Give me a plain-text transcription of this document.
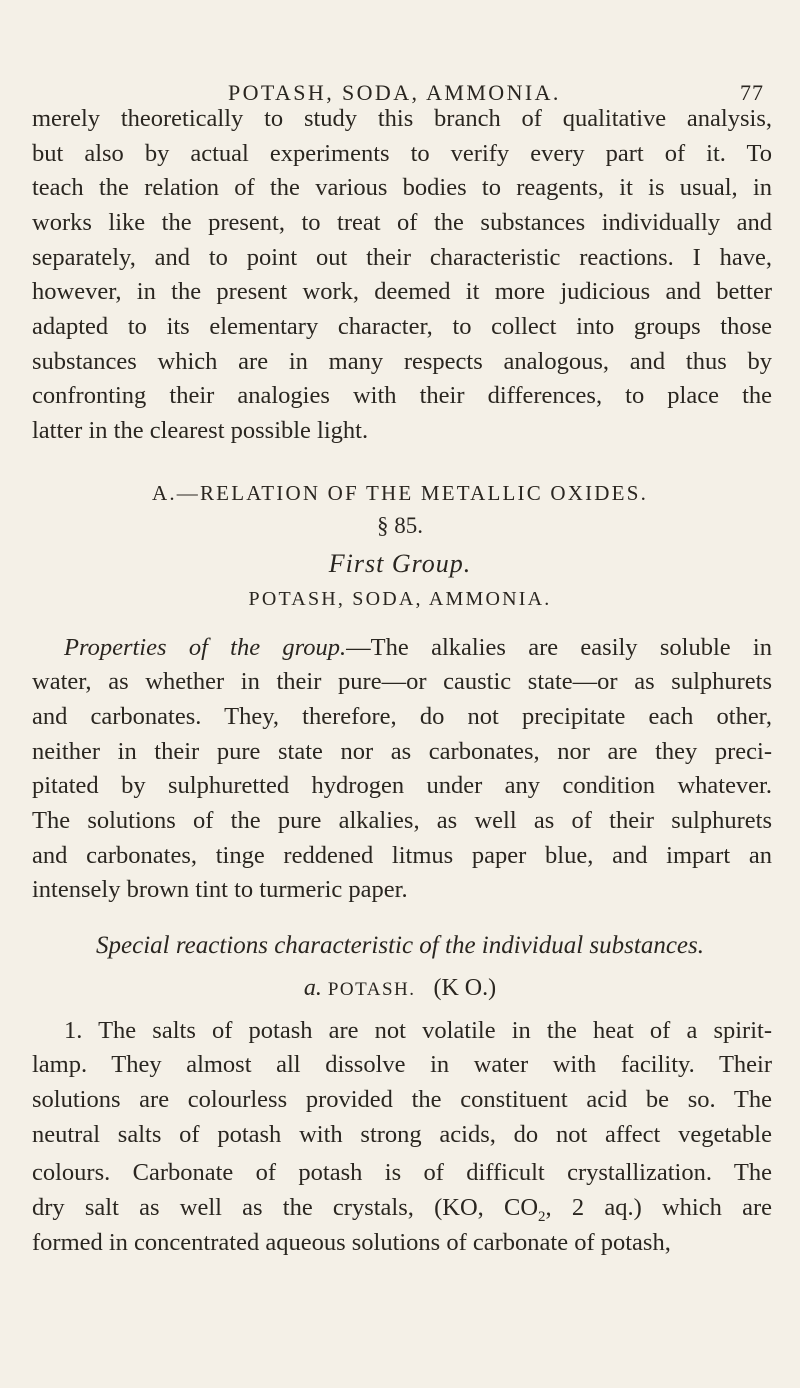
POTASH, SODA, AMMONIA.	77
merely theoretically to study this branch of qualitative analysis,
but also by actual experiments to verify every part of it. To
teach the relation of the various bodies to reagents, it is usual, in
works like the present, to treat of the substances individually and
separately, and to point out their characteristic reactions. I have,
however, in the present work, deemed it more judicious and better
adapted to its elementary character, to collect into groups those
substances which are in many respects analogous, and thus by
confronting their analogies with their differences, to place the
latter in the clearest possible light.
A.—RELATION OF THE METALLIC OXIDES.
§ 85.
First Group.
POTASH, SODA, AMMONIA.
Properties of the group.—The alkalies are easily soluble in
water, as whether in their pure—or caustic state—or as sulphurets
and carbonates. They, therefore, do not precipitate each other,
neither in their pure state nor as carbonates, nor are they preci-
pitated by sulphuretted hydrogen under any condition whatever.
The solutions of the pure alkalies, as well as of their sulphurets
and carbonates, tinge reddened litmus paper blue, and impart an
intensely brown tint to turmeric paper.
Special reactions characteristic of the individual substances.
a. POTASH. (K O.)
1. The salts of potash are not volatile in the heat of a spirit-
lamp. They almost all dissolve in water with facility. Their
solutions are colourless provided the constituent acid be so. The
neutral salts of potash with strong acids, do not affect vegetable
colours. Carbonate of potash is of difficult crystallization. The
dry salt as well as the crystals, (KO, $CO_2$, 2 aq.) which are
formed in concentrated aqueous solutions of carbonate of potash,
